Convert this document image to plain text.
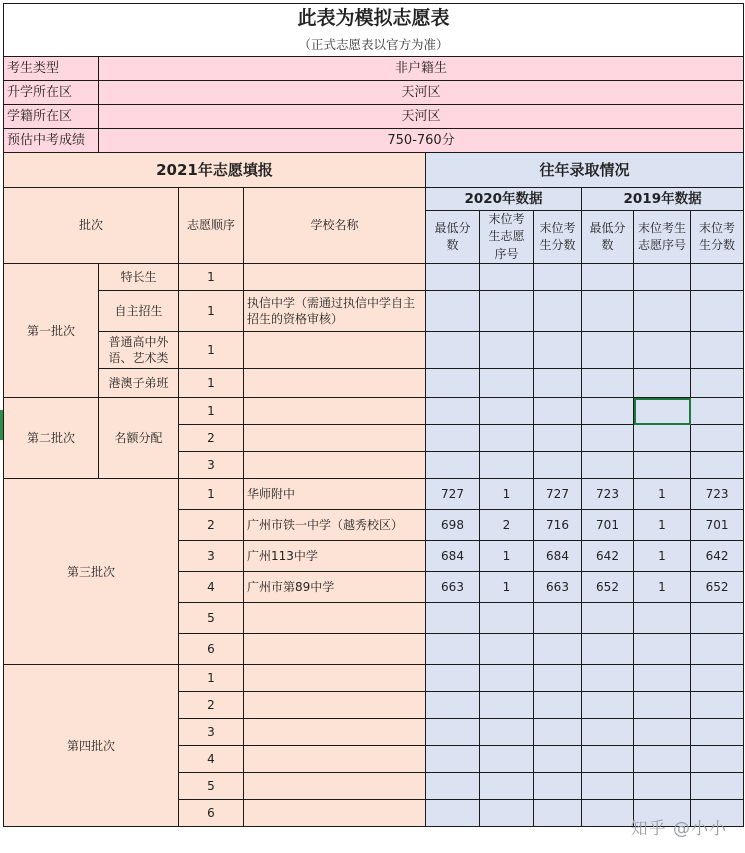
此表为模拟志愿表									
（正式志愿表以官方为准）									
考生类型	非户籍生								
升学所在区	天河区								
学籍所在区	天河区								
预估中考成绩	750-760分								
2021年志愿填报				往年录取情况					
批次		志愿顺序	学校名称	2020年数据			2019年数据		
				最低分数	末位考生志愿序号	末位考生分数	最低分数	末位考生志愿序号	末位考生分数
第一批次	特长生	1							
	自主招生	1	执信中学（需通过执信中学自主招生的资格审核）						
	普通高中外语、艺术类	1							
	港澳子弟班	1							
第二批次	名额分配	1							
		2							
		3							
第三批次		1	华师附中	727	1	727	723	1	723
		2	广州市铁一中学（越秀校区）	698	2	716	701	1	701
		3	广州113中学	684	1	684	642	1	642
		4	广州市第89中学	663	1	663	652	1	652
		5							
		6							
第四批次		1							
		2							
		3							
		4							
		5							
		6							
知乎 @小小
